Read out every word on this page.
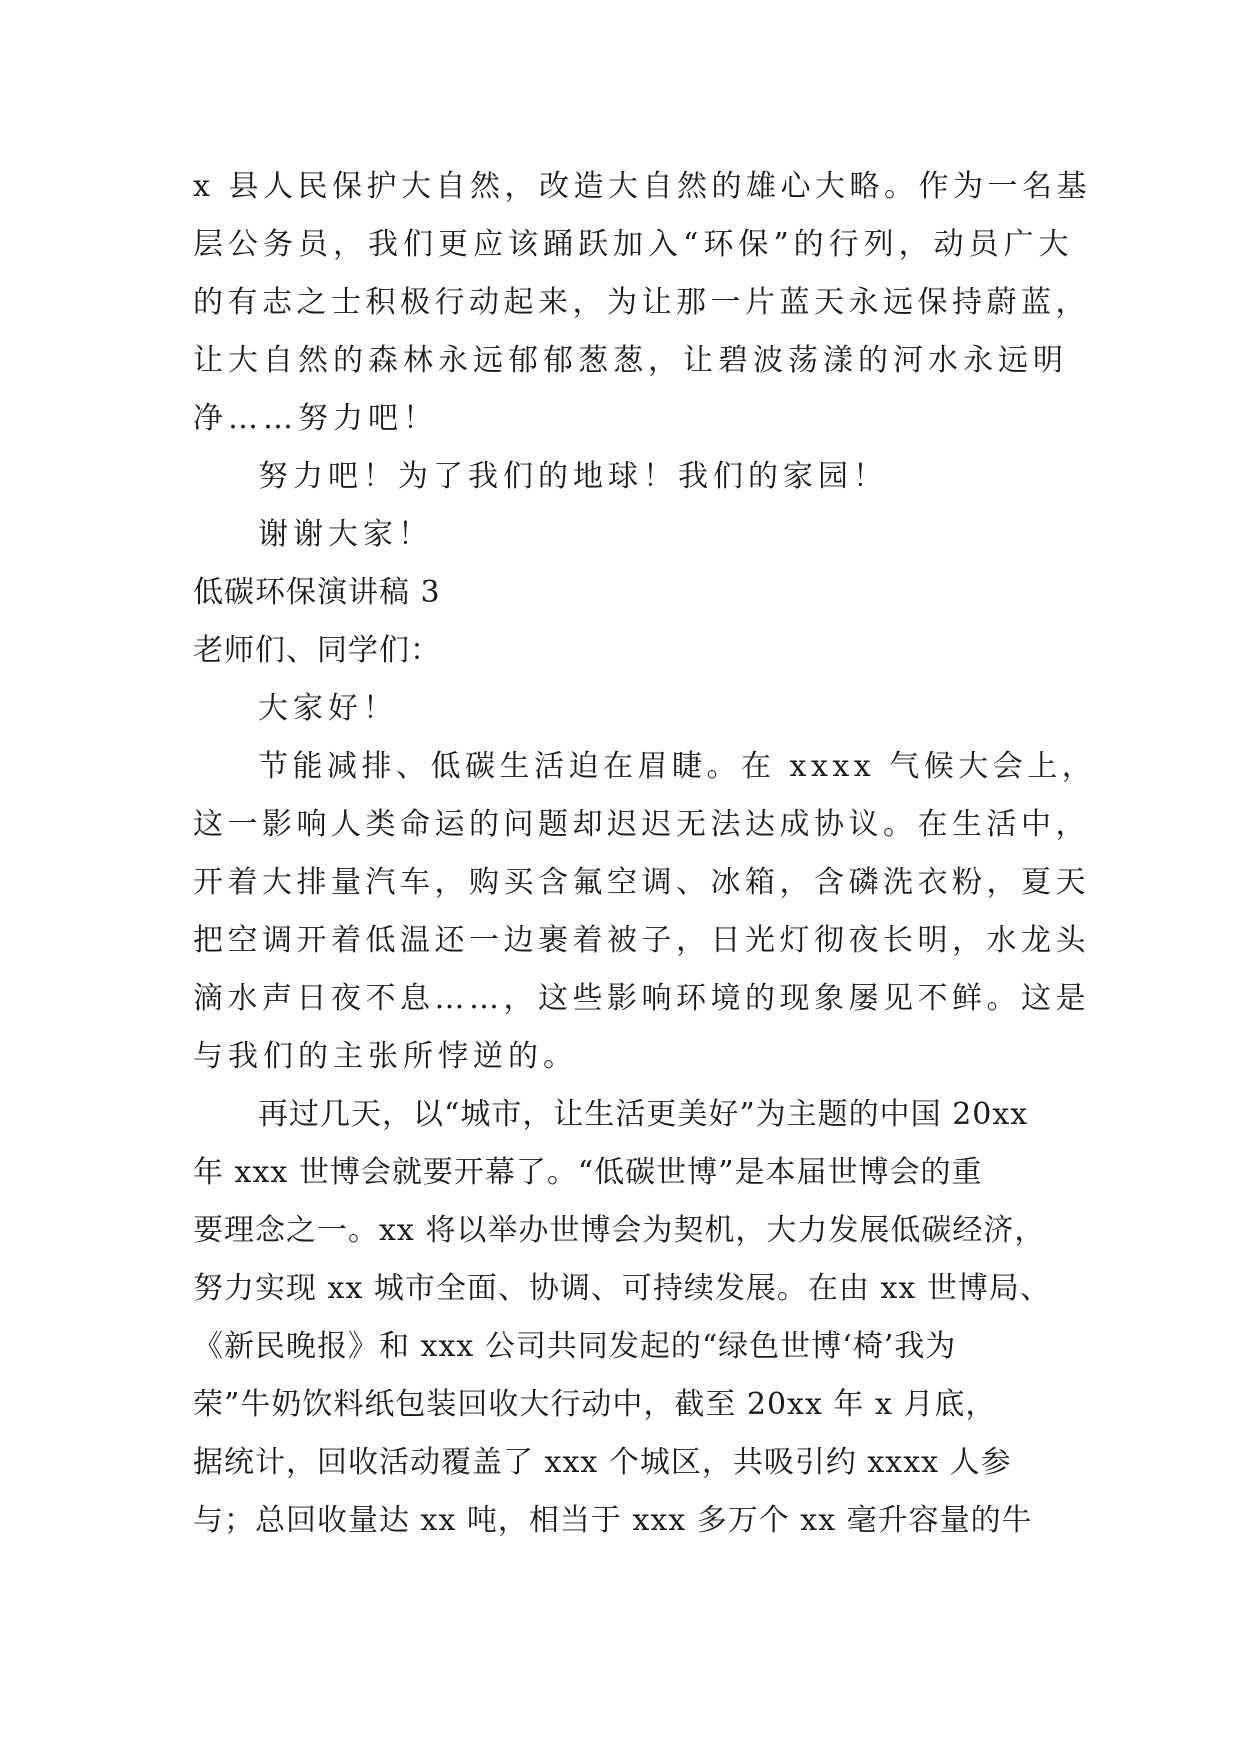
x 县人民保护大自然，改造大自然的雄心大略。作为一名基
层公务员，我们更应该踊跃加入“环保”的行列，动员广大
的有志之士积极行动起来，为让那一片蓝天永远保持蔚蓝，
让大自然的森林永远郁郁葱葱，让碧波荡漾的河水永远明
净……努力吧！
努力吧！为了我们的地球！我们的家园！
谢谢大家！
低碳环保演讲稿 3
老师们、同学们：
大家好！
节能减排、低碳生活迫在眉睫。在 xxxx 气候大会上，
这一影响人类命运的问题却迟迟无法达成协议。在生活中，
开着大排量汽车，购买含氟空调、冰箱，含磷洗衣粉，夏天
把空调开着低温还一边裹着被子，日光灯彻夜长明，水龙头
滴水声日夜不息……，这些影响环境的现象屡见不鲜。这是
与我们的主张所悖逆的。
再过几天，以“城市，让生活更美好”为主题的中国 20xx
年 xxx 世博会就要开幕了。“低碳世博”是本届世博会的重
要理念之一。xx 将以举办世博会为契机，大力发展低碳经济，
努力实现 xx 城市全面、协调、可持续发展。在由 xx 世博局、
《新民晚报》和 xxx 公司共同发起的“绿色世博‘椅’我为
荣”牛奶饮料纸包装回收大行动中，截至 20xx 年 x 月底，
据统计，回收活动覆盖了 xxx 个城区，共吸引约 xxxx 人参
与；总回收量达 xx 吨，相当于 xxx 多万个 xx 毫升容量的牛
